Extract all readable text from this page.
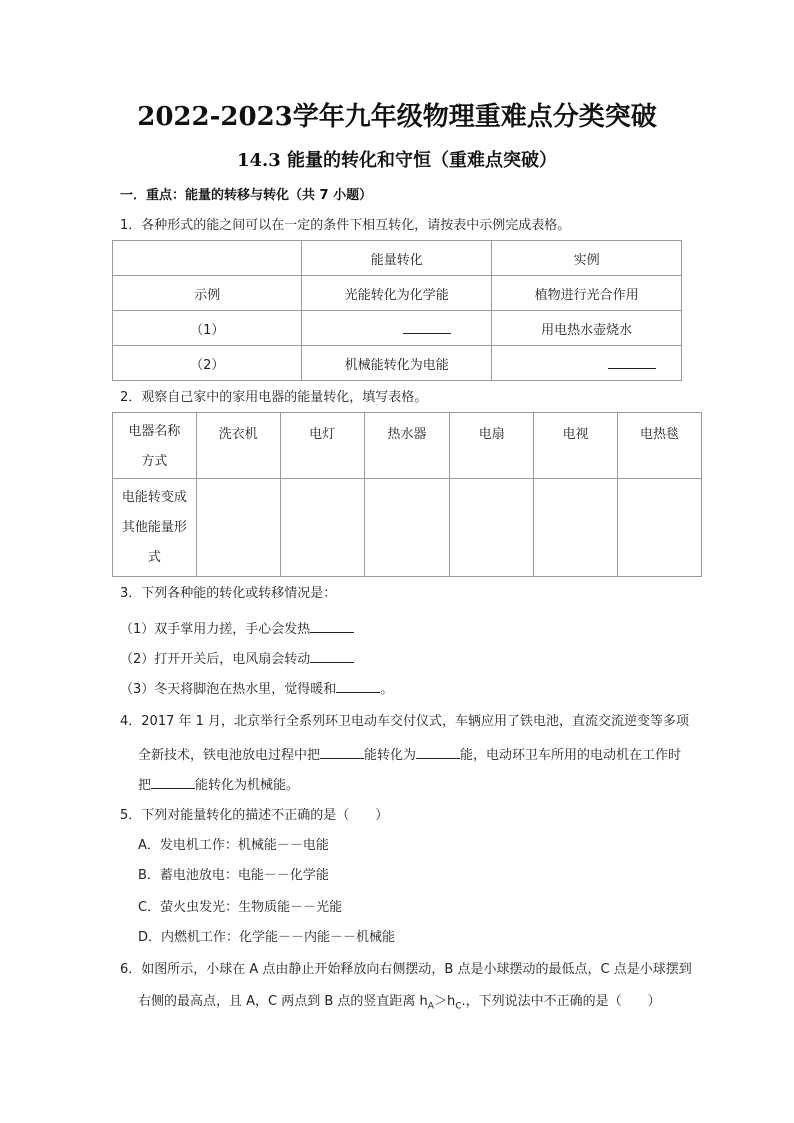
2022-2023学年九年级物理重难点分类突破
14.3 能量的转化和守恒（重难点突破）
一．重点：能量的转移与转化（共 7 小题）
1．各种形式的能之间可以在一定的条件下相互转化，请按表中示例完成表格。
	能量转化	实例
示例	光能转化为化学能	植物进行光合作用
（1）		用电热水壶烧水
（2）	机械能转化为电能	
2．观察自己家中的家用电器的能量转化，填写表格。
电器名称
方式	洗衣机	电灯	热水器	电扇	电视	电热毯

电能转变成
其他能量形
式						

3．下列各种能的转化或转移情况是：
（1）双手掌用力搓，手心会发热
（2）打开开关后，电风扇会转动
（3）冬天将脚泡在热水里，觉得暖和	。
4．2017 年 1 月，北京举行全系列环卫电动车交付仪式，车辆应用了铁电池，直流交流逆变等多项
全新技术，铁电池放电过程中把	能转化为	能，电动环卫车所用的电动机在工作时
把	能转化为机械能。
5．下列对能量转化的描述不正确的是（　　）
A．发电机工作：机械能－－电能
B．蓄电池放电：电能－－化学能
C．萤火虫发光：生物质能－－光能
D．内燃机工作：化学能－－内能－－机械能
6．如图所示，小球在 A 点由静止开始释放向右侧摆动，B 点是小球摆动的最低点，C 点是小球摆到
右侧的最高点，且 A，C 两点到 B 点的竖直距离 $h_A>h_C$.，下列说法中不正确的是（　　）
